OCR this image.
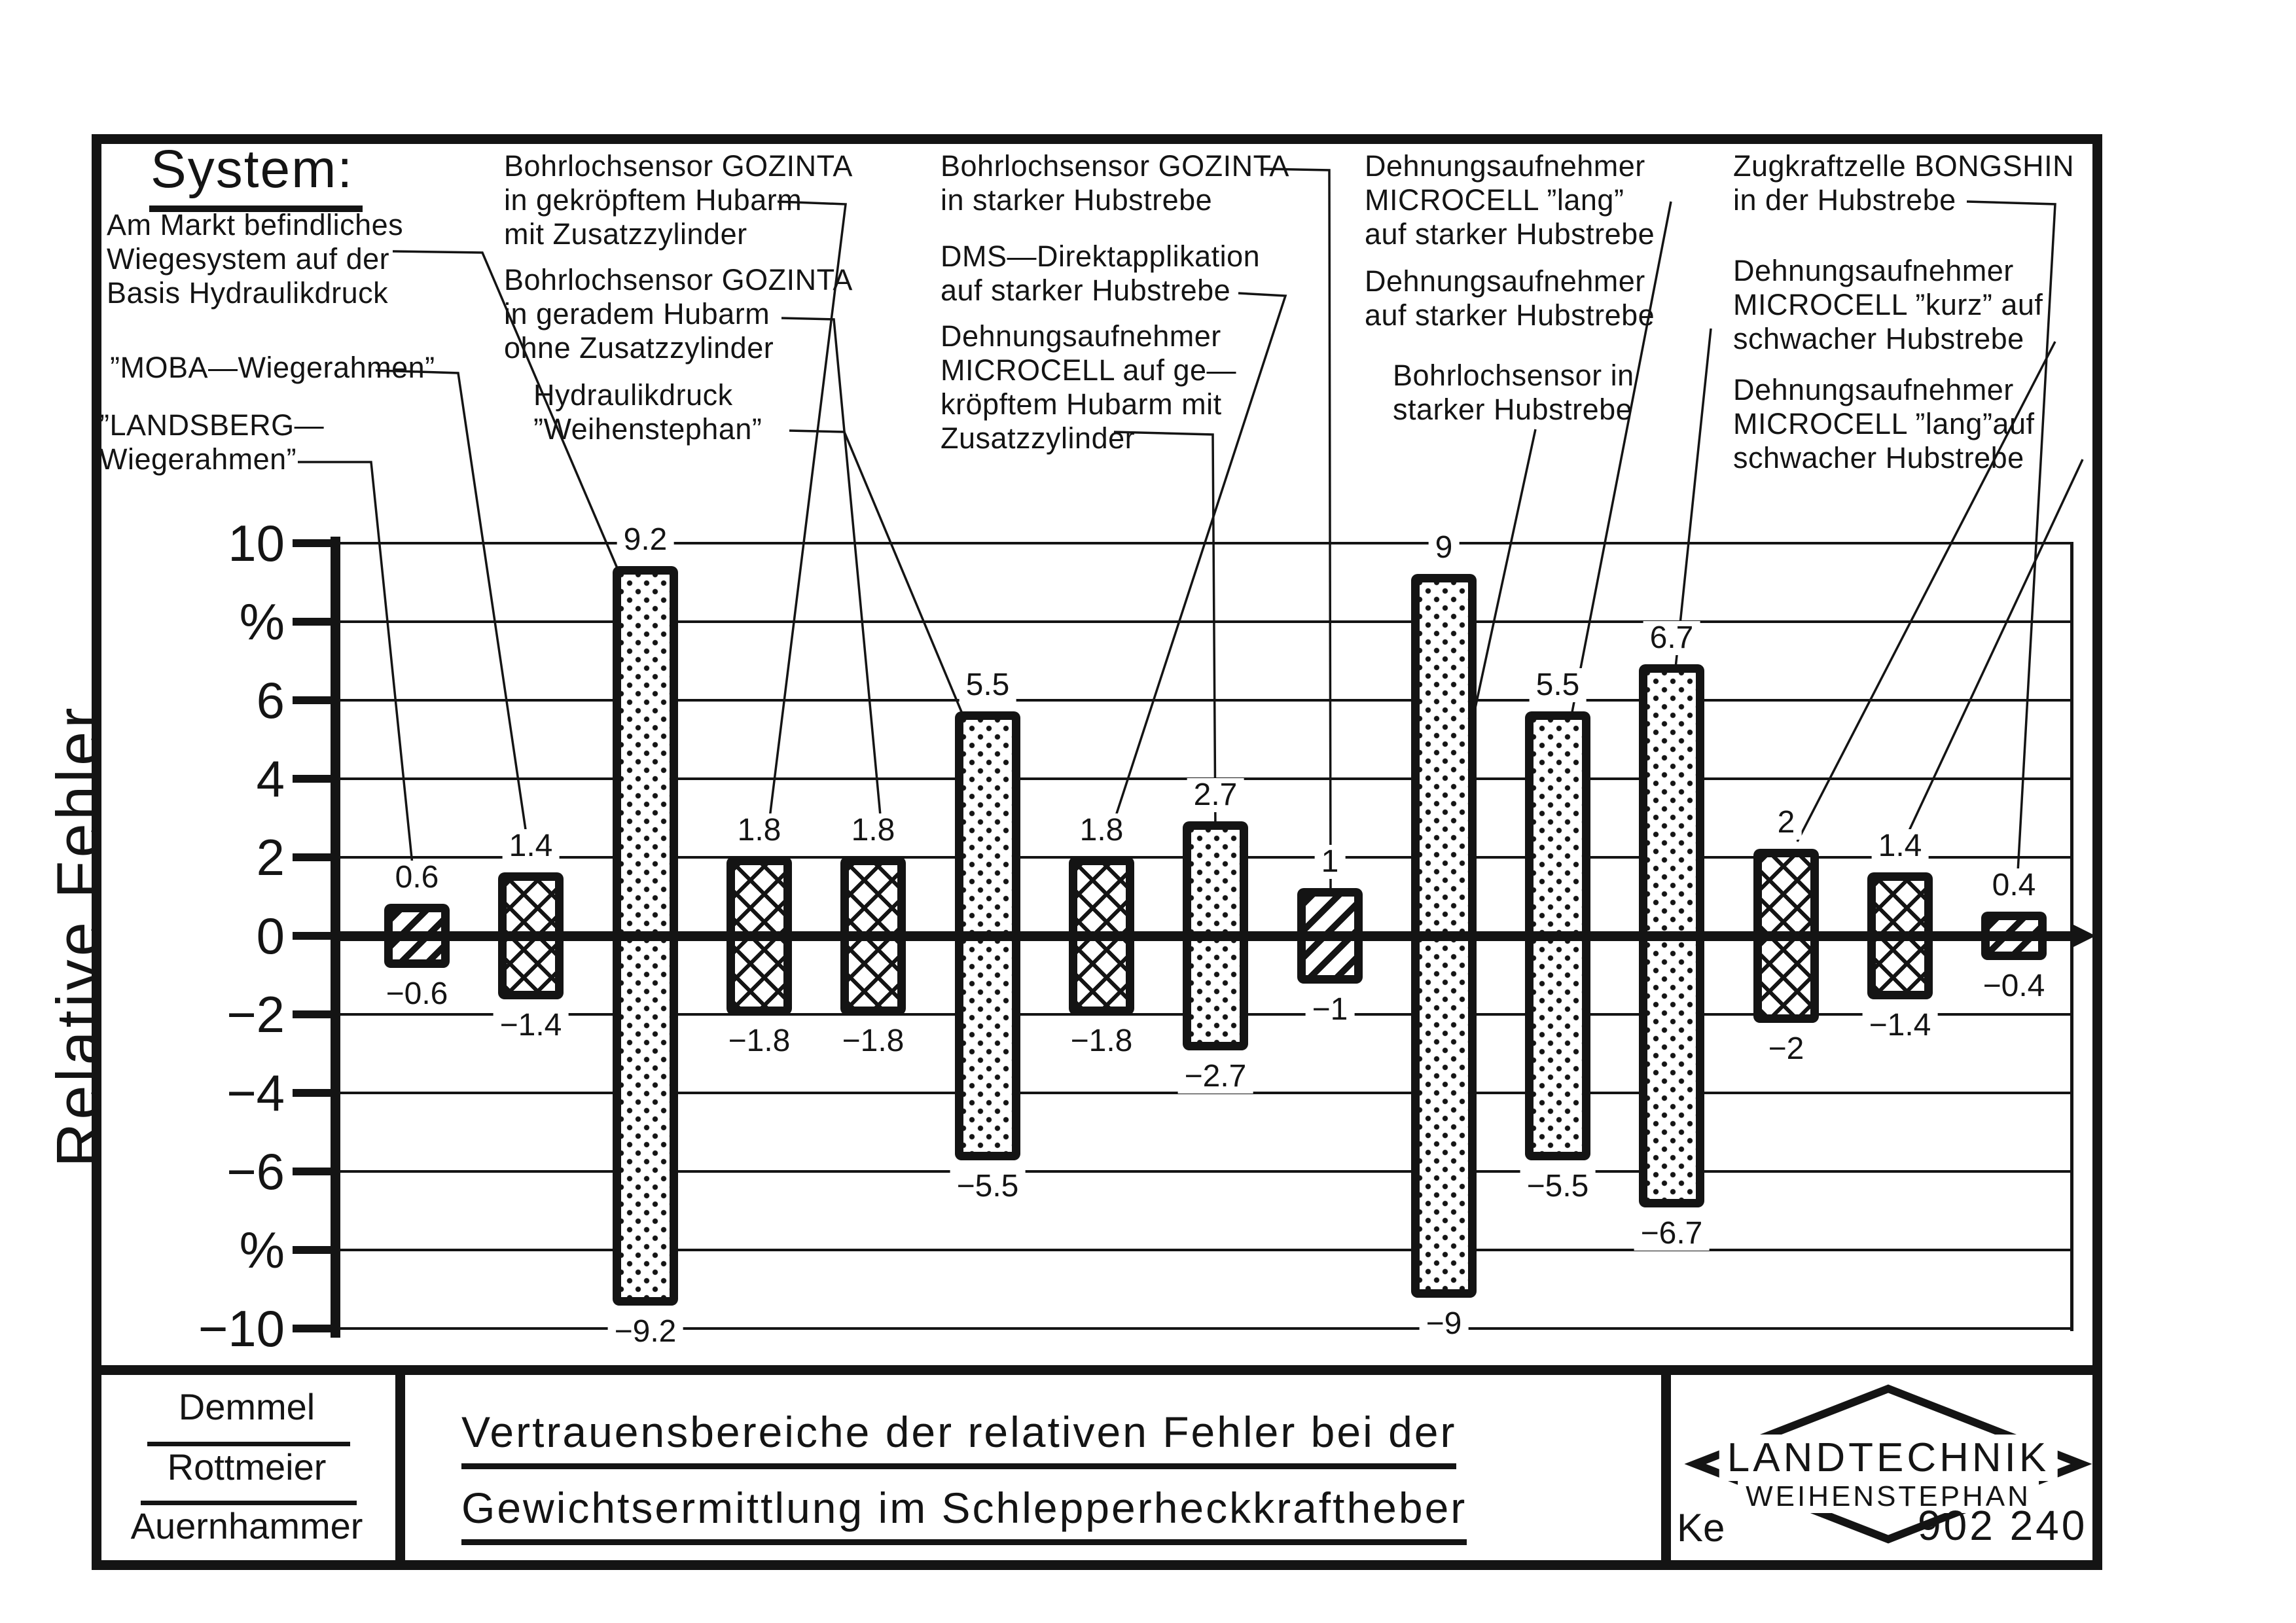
System:
Relative Fehler	0.6
−0.6
1.4
−1.4
9.2
−9.2
1.8
−1.8
1.8
−1.8
5.5
−5.5
1.8
−1.8
2.7
−2.7
1
−1
9
−9
5.5
−5.5
6.7
−6.7
2
−2
1.4
−1.4
0.4
−0.4
10
%
6
4
2
0
−2
−4
−6
%
−10
Am Markt befindliches
Wiegesystem auf der
Basis Hydraulikdruck
”MOBA—Wiegerahmen”
”LANDSBERG—
Wiegerahmen”
Bohrlochsensor GOZINTA
in gekröpftem Hubarm
mit Zusatzzylinder
Bohrlochsensor GOZINTA
in geradem Hubarm
ohne Zusatzzylinder
Hydraulikdruck
”Weihenstephan”
Bohrlochsensor GOZINTA
in starker Hubstrebe
DMS—Direktapplikation
auf starker Hubstrebe
Dehnungsaufnehmer
MICROCELL auf ge—
kröpftem Hubarm mit
Zusatzzylinder
Dehnungsaufnehmer
MICROCELL ”lang”
auf starker Hubstrebe
Dehnungsaufnehmer
auf starker Hubstrebe
Bohrlochsensor in
starker Hubstrebe
Zugkraftzelle BONGSHIN
in der Hubstrebe
Dehnungsaufnehmer
MICROCELL ”kurz” auf
schwacher Hubstrebe
Dehnungsaufnehmer
MICROCELL ”lang”auf
schwacher Hubstrebe
Demmel
Rottmeier
Auernhammer
Vertrauensbereiche der relativen Fehler bei der
Gewichtsermittlung im Schlepperheckkraftheber
LANDTECHNIK
WEIHENSTEPHAN
Ke	902 240
